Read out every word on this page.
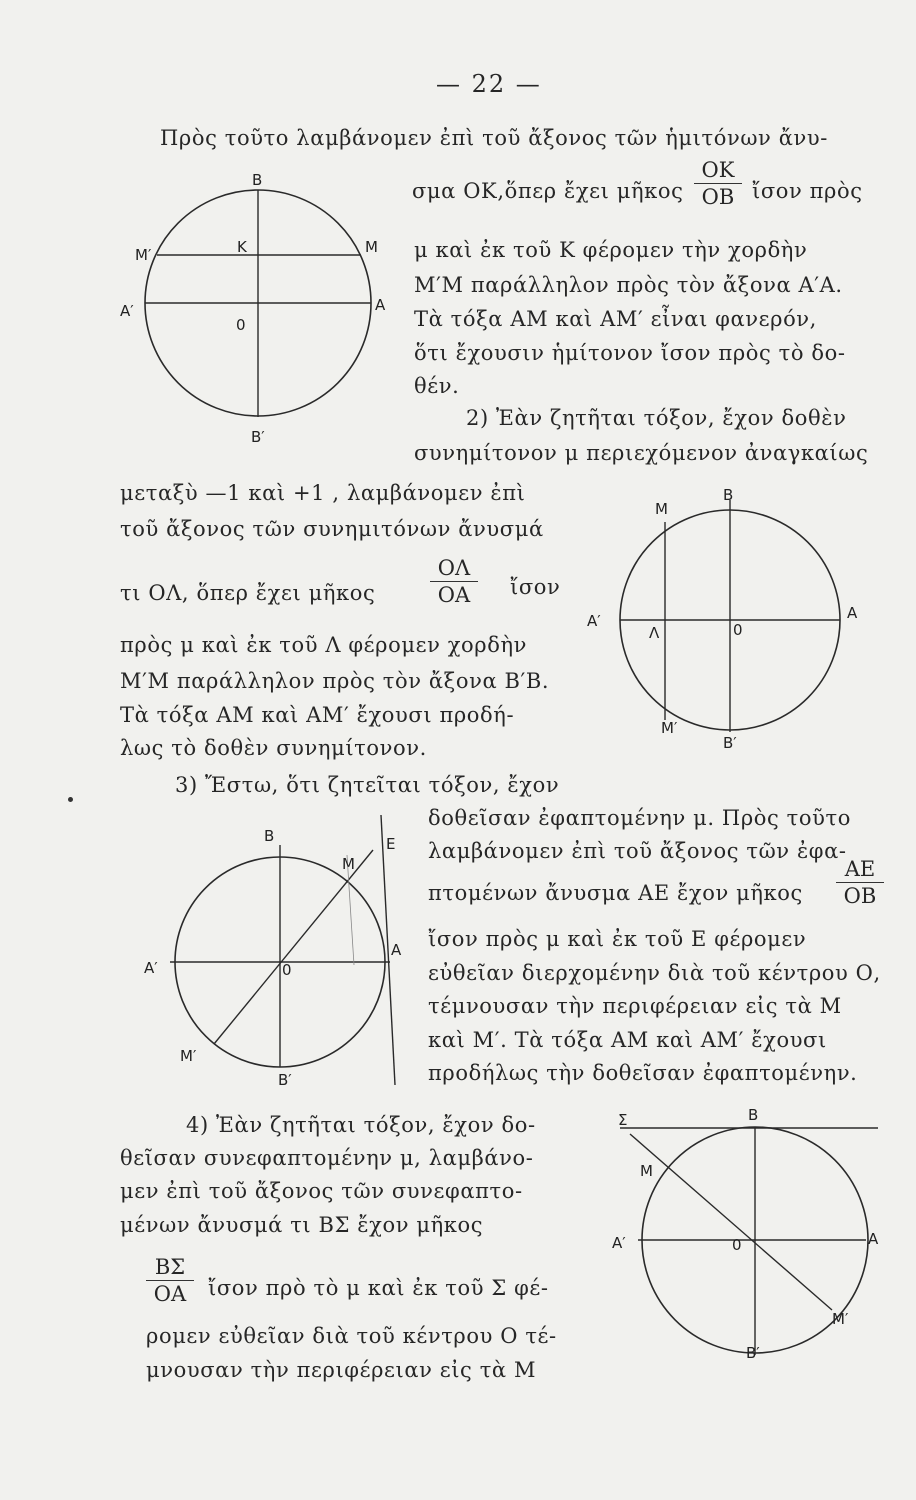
— 22 —
Πρὸς τοῦτο λαμβάνομεν ἐπὶ τοῦ ἄξονος τῶν ἡμιτόνων ἄνυ-
σμα ΟΚ,ὅπερ ἔχει μῆκος
ΟΚ
ΟΒ ἴσον πρὸς
μ καὶ ἐκ τοῦ Κ φέρομεν τὴν χορδὴν
Μ′Μ παράλληλον πρὸς τὸν ἄξονα Α′Α.
Τὰ τόξα ΑΜ καὶ ΑΜ′ εἶναι φανερόν,
ὅτι ἔχουσιν ἡμίτονον ἴσον πρὸς τὸ δο-
θέν.
2) Ἐὰν ζητῆται τόξον, ἔχον δοθὲν
συνημίτονον μ περιεχόμενον ἀναγκαίως
B
B′
K	M
M′
A
A′
0
μεταξὺ —1 καὶ +1 , λαμβάνομεν ἐπὶ
τοῦ ἄξονος τῶν συνημιτόνων ἄνυσμά
τι ΟΛ, ὅπερ ἔχει μῆκος
ΟΛ
ΟΑ	ἴσον
πρὸς μ καὶ ἐκ τοῦ Λ φέρομεν χορδὴν
Μ′Μ παράλληλον πρὸς τὸν ἄξονα Β′Β.
Τὰ τόξα ΑΜ καὶ ΑΜ′ ἔχουσι προδή-
λως τὸ δοθὲν συνημίτονον.
M
B
A′
Λ	0
A
M′
B′
3) Ἔστω, ὅτι ζητεῖται τόξον, ἔχον
δοθεῖσαν ἐφαπτομένην μ. Πρὸς τοῦτο
λαμβάνομεν ἐπὶ τοῦ ἄξονος τῶν ἐφα-
πτομένων ἄνυσμα ΑΕ ἔχον μῆκος
ΑΕ
ΟΒ
ἴσον πρὸς μ καὶ ἐκ τοῦ Ε φέρομεν
εὐθεῖαν διερχομένην διὰ τοῦ κέντρου Ο,
τέμνουσαν τὴν περιφέρειαν εἰς τὰ Μ
καὶ Μ′. Τὰ τόξα ΑΜ καὶ ΑΜ′ ἔχουσι
προδήλως τὴν δοθεῖσαν ἐφαπτομένην.
B
M
E
A′	0
A
M′
B′
4) Ἐὰν ζητῆται τόξον, ἔχον δο-
θεῖσαν συνεφαπτομένην μ, λαμβάνο-
μεν ἐπὶ τοῦ ἄξονος τῶν συνεφαπτο-
μένων ἄνυσμά τι ΒΣ ἔχον μῆκος
ΒΣ
ΟΑ	ἴσον πρὸ τὸ μ καὶ ἐκ τοῦ Σ φέ-
ρομεν εὐθεῖαν διὰ τοῦ κέντρου Ο τέ-
μνουσαν τὴν περιφέρειαν εἰς τὰ Μ
Σ	B
M
A′	0	A
M′
B′
